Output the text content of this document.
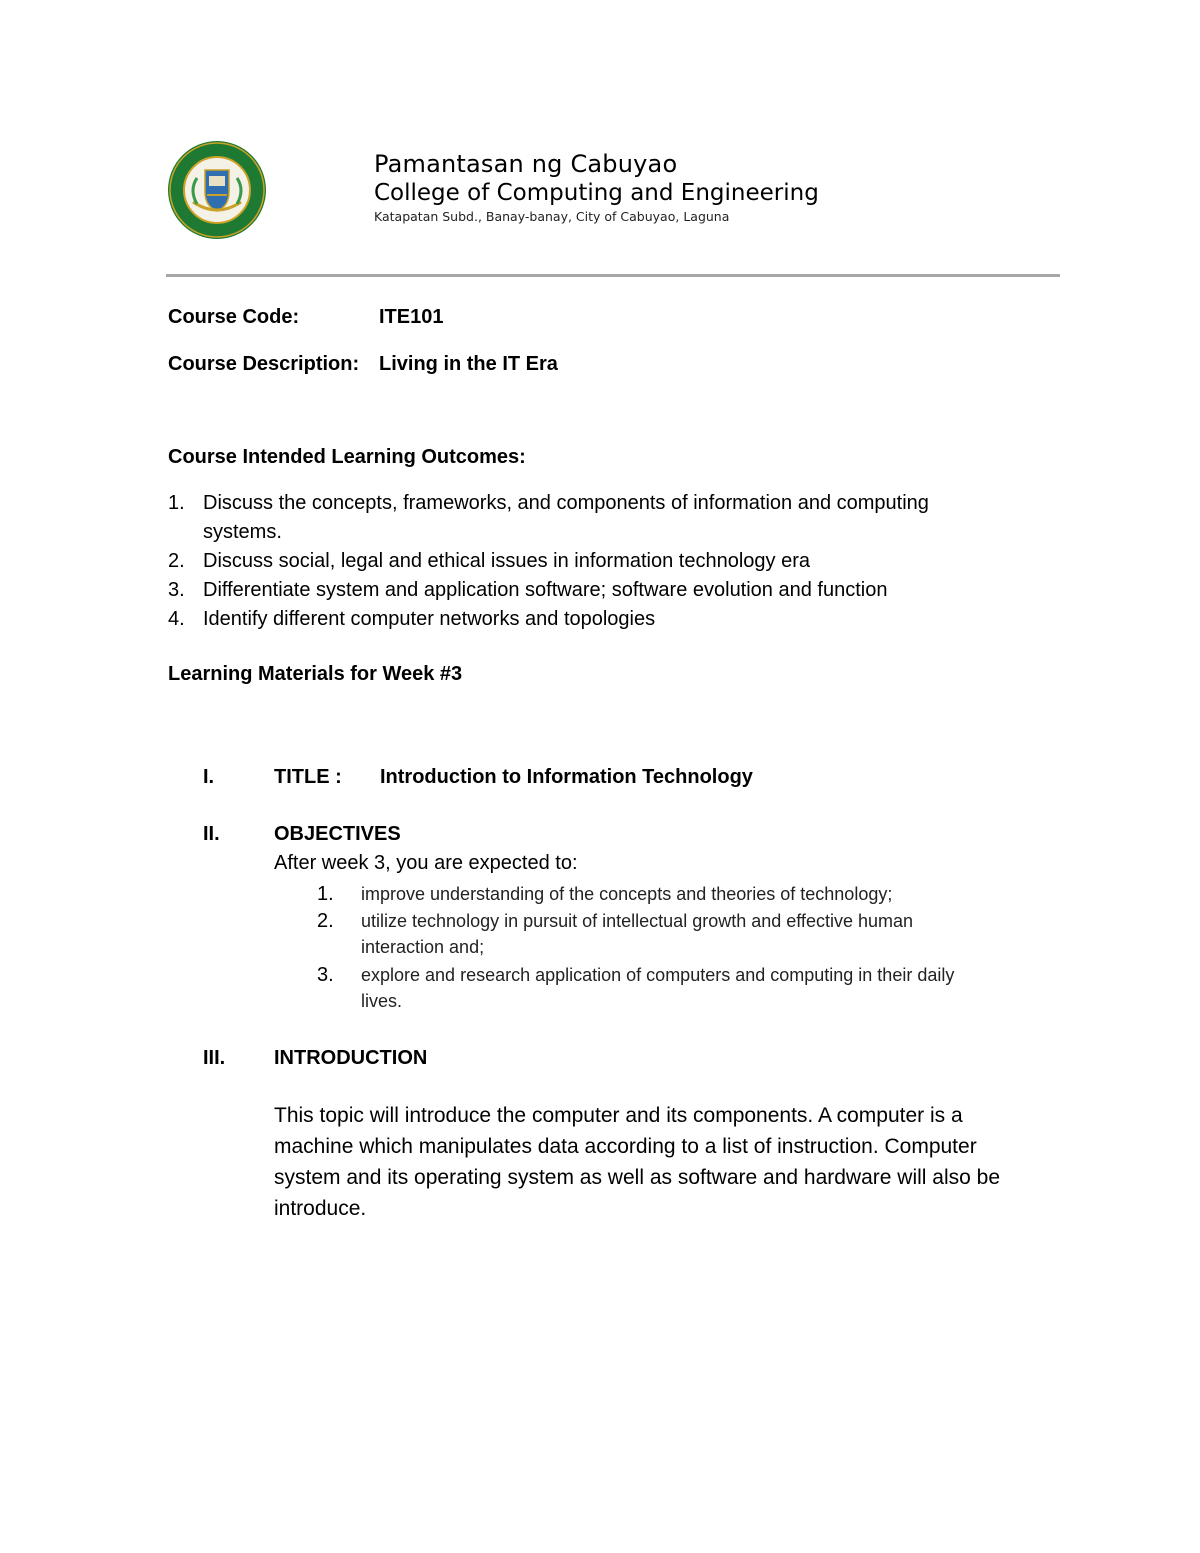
Pamantasan ng Cabuyao
College of Computing and Engineering
Katapatan Subd., Banay-banay, City of Cabuyao, Laguna
Course Code:	ITE101
Course Description: Living in the IT Era
Course Intended Learning Outcomes:
1. Discuss the concepts, frameworks, and components of information and computing
systems.
2. Discuss social, legal and ethical issues in information technology era
3. Differentiate system and application software; software evolution and function
4. Identify different computer networks and topologies
Learning Materials for Week #3
I.	TITLE : Introduction to Information Technology
II.	OBJECTIVES
After week 3, you are expected to:
1. improve understanding of the concepts and theories of technology;
2. utilize technology in pursuit of intellectual growth and effective human
interaction and;
3. explore and research application of computers and computing in their daily
lives.
III. INTRODUCTION
This topic will introduce the computer and its components. A computer is a
machine which manipulates data according to a list of instruction. Computer
system and its operating system as well as software and hardware will also be
introduce.
